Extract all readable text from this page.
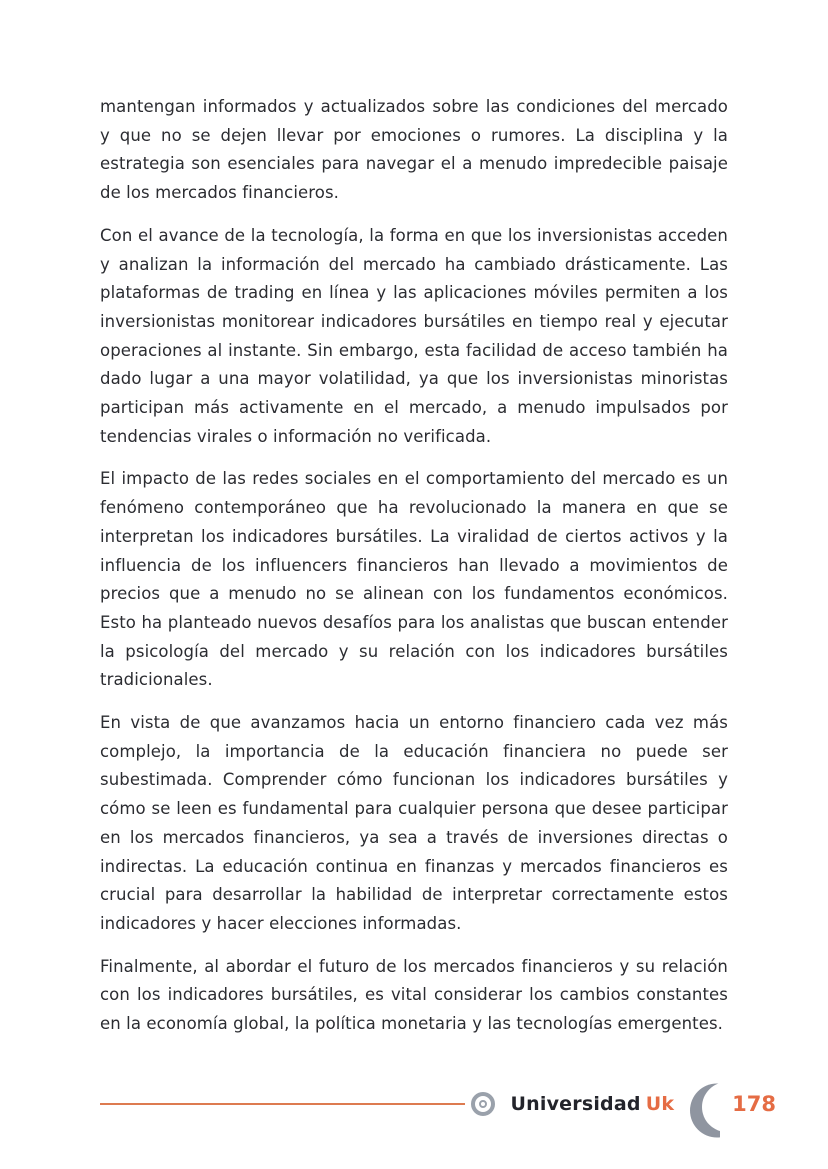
mantengan informados y actualizados sobre las condiciones del mercado y que no se dejen llevar por emociones o rumores. La disciplina y la estrategia son esenciales para navegar el a menudo impredecible paisaje de los mercados financieros.

Con el avance de la tecnología, la forma en que los inversionistas acceden y analizan la información del mercado ha cambiado drásticamente. Las plataformas de trading en línea y las aplicaciones móviles permiten a los inversionistas monitorear indicadores bursátiles en tiempo real y ejecutar operaciones al instante. Sin embargo, esta facilidad de acceso también ha dado lugar a una mayor volatilidad, ya que los inversionistas minoristas participan más activamente en el mercado, a menudo impulsados por tendencias virales o información no verificada.

El impacto de las redes sociales en el comportamiento del mercado es un fenómeno contemporáneo que ha revolucionado la manera en que se interpretan los indicadores bursátiles. La viralidad de ciertos activos y la influencia de los influencers financieros han llevado a movimientos de precios que a menudo no se alinean con los fundamentos económicos. Esto ha planteado nuevos desafíos para los analistas que buscan entender la psicología del mercado y su relación con los indicadores bursátiles tradicionales.

En vista de que avanzamos hacia un entorno financiero cada vez más complejo, la importancia de la educación financiera no puede ser subestimada. Comprender cómo funcionan los indicadores bursátiles y cómo se leen es fundamental para cualquier persona que desee participar en los mercados financieros, ya sea a través de inversiones directas o indirectas. La educación continua en finanzas y mercados financieros es crucial para desarrollar la habilidad de interpretar correctamente estos indicadores y hacer elecciones informadas.

Finalmente, al abordar el futuro de los mercados financieros y su relación con los indicadores bursátiles, es vital considerar los cambios constantes en la economía global, la política monetaria y las tecnologías emergentes.

Universidad Uk	178
